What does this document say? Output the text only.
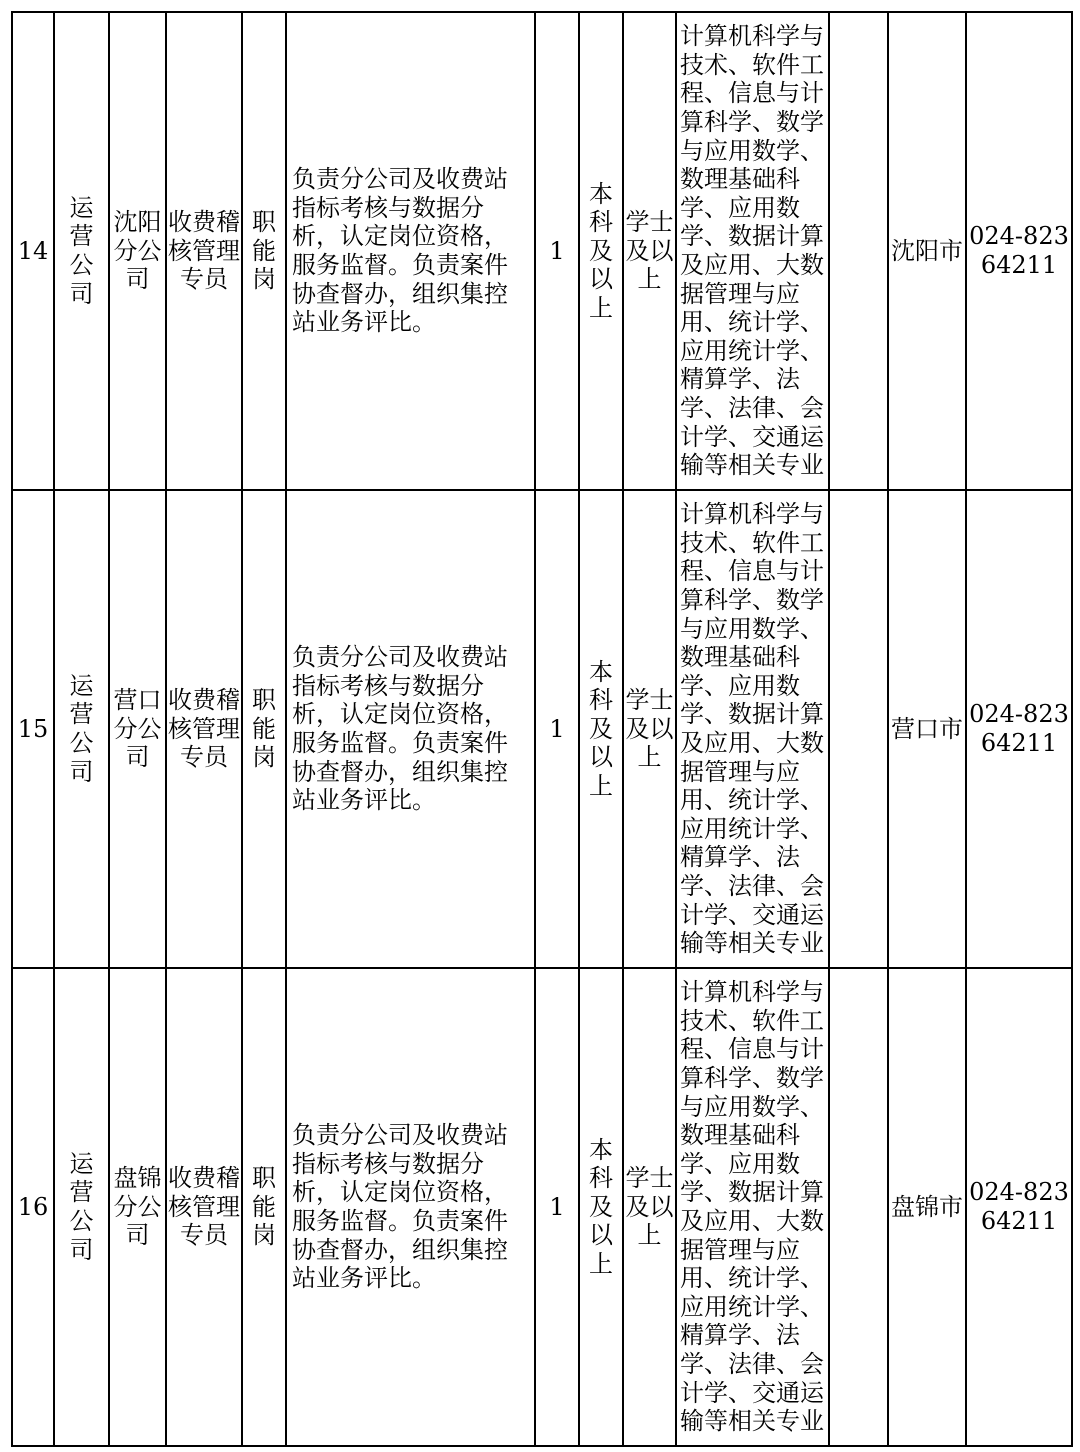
14	运营公司	沈阳分公司	收费稽核管理专员	职能岗	负责分公司及收费站指标考核与数据分析，认定岗位资格，服务监督。负责案件协查督办，组织集控站业务评比。	1	本科及以上	学士及以上	计算机科学与技术、软件工程、信息与计算科学、数学与应用数学、数理基础科学、应用数学、数据计算及应用、大数据管理与应用、统计学、应用统计学、精算学、法学、法律、会计学、交通运输等相关专业		沈阳市	024-82364211
15	运营公司	营口分公司	收费稽核管理专员	职能岗	负责分公司及收费站指标考核与数据分析，认定岗位资格，服务监督。负责案件协查督办，组织集控站业务评比。	1	本科及以上	学士及以上	计算机科学与技术、软件工程、信息与计算科学、数学与应用数学、数理基础科学、应用数学、数据计算及应用、大数据管理与应用、统计学、应用统计学、精算学、法学、法律、会计学、交通运输等相关专业		营口市	024-82364211
16	运营公司	盘锦分公司	收费稽核管理专员	职能岗	负责分公司及收费站指标考核与数据分析，认定岗位资格，服务监督。负责案件协查督办，组织集控站业务评比。	1	本科及以上	学士及以上	计算机科学与技术、软件工程、信息与计算科学、数学与应用数学、数理基础科学、应用数学、数据计算及应用、大数据管理与应用、统计学、应用统计学、精算学、法学、法律、会计学、交通运输等相关专业		盘锦市	024-82364211
